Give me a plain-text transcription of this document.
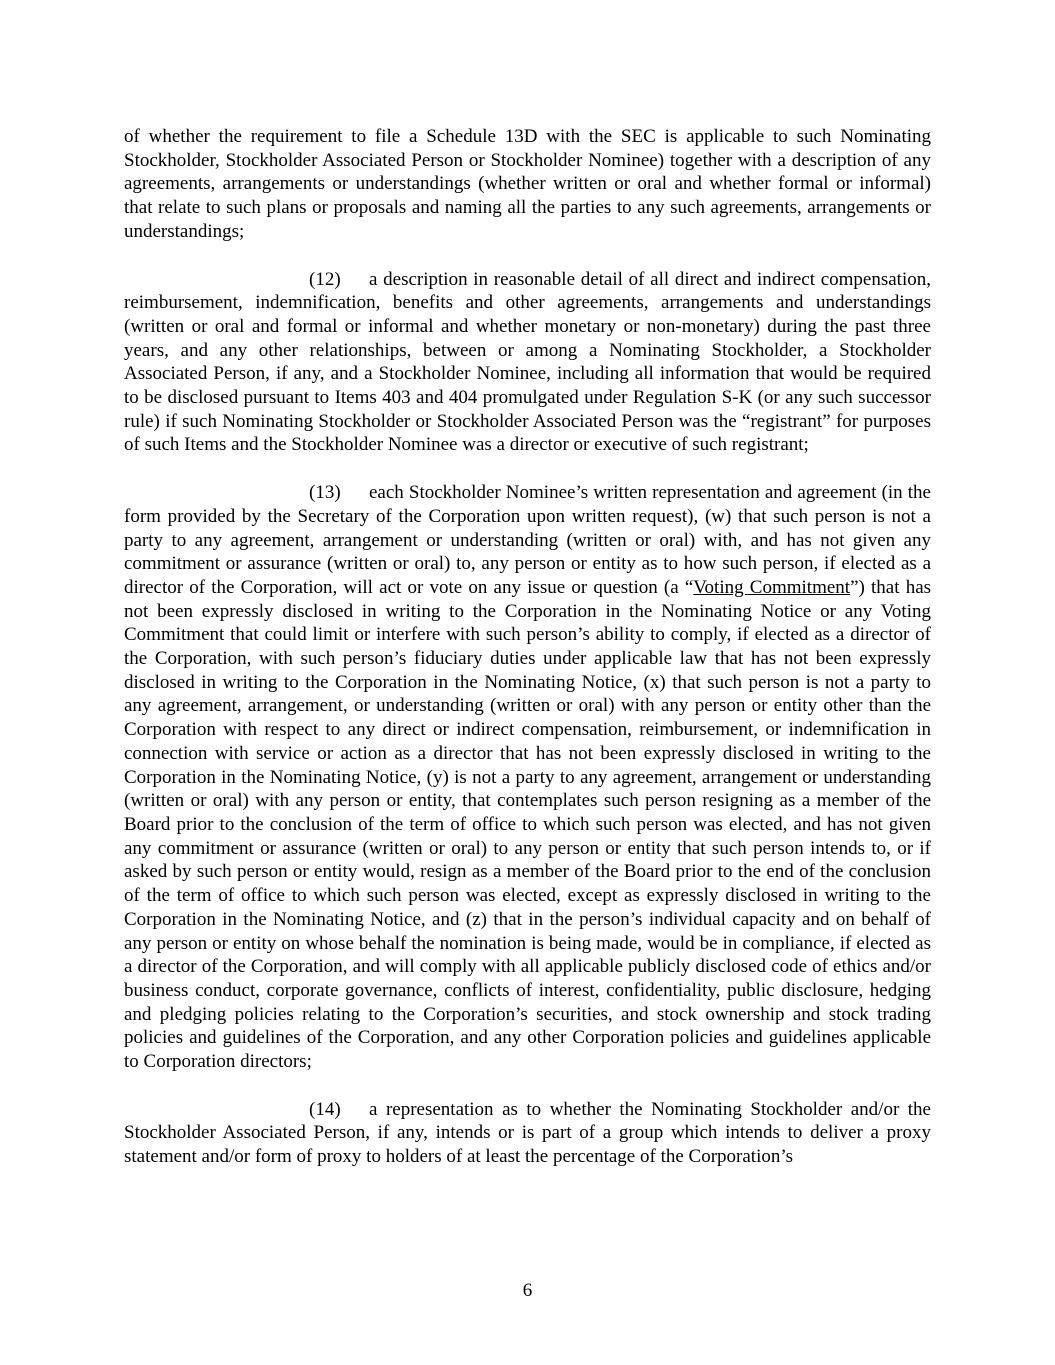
of whether the requirement to file a Schedule 13D with the SEC is applicable to such Nominating Stockholder, Stockholder Associated Person or Stockholder Nominee) together with a description of any agreements, arrangements or understandings (whether written or oral and whether formal or informal) that relate to such plans or proposals and naming all the parties to any such agreements, arrangements or understandings;

(12) a description in reasonable detail of all direct and indirect compensation, reimbursement, indemnification, benefits and other agreements, arrangements and understandings (written or oral and formal or informal and whether monetary or non-monetary) during the past three years, and any other relationships, between or among a Nominating Stockholder, a Stockholder Associated Person, if any, and a Stockholder Nominee, including all information that would be required to be disclosed pursuant to Items 403 and 404 promulgated under Regulation S-K (or any such successor rule) if such Nominating Stockholder or Stockholder Associated Person was the “registrant” for purposes of such Items and the Stockholder Nominee was a director or executive of such registrant;

(13) each Stockholder Nominee’s written representation and agreement (in the form provided by the Secretary of the Corporation upon written request), (w) that such person is not a party to any agreement, arrangement or understanding (written or oral) with, and has not given any commitment or assurance (written or oral) to, any person or entity as to how such person, if elected as a director of the Corporation, will act or vote on any issue or question (a “Voting Commitment”) that has not been expressly disclosed in writing to the Corporation in the Nominating Notice or any Voting Commitment that could limit or interfere with such person’s ability to comply, if elected as a director of the Corporation, with such person’s fiduciary duties under applicable law that has not been expressly disclosed in writing to the Corporation in the Nominating Notice, (x) that such person is not a party to any agreement, arrangement, or understanding (written or oral) with any person or entity other than the Corporation with respect to any direct or indirect compensation, reimbursement, or indemnification in connection with service or action as a director that has not been expressly disclosed in writing to the Corporation in the Nominating Notice, (y) is not a party to any agreement, arrangement or understanding (written or oral) with any person or entity, that contemplates such person resigning as a member of the Board prior to the conclusion of the term of office to which such person was elected, and has not given any commitment or assurance (written or oral) to any person or entity that such person intends to, or if asked by such person or entity would, resign as a member of the Board prior to the end of the conclusion of the term of office to which such person was elected, except as expressly disclosed in writing to the Corporation in the Nominating Notice, and (z) that in the person’s individual capacity and on behalf of any person or entity on whose behalf the nomination is being made, would be in compliance, if elected as a director of the Corporation, and will comply with all applicable publicly disclosed code of ethics and/or business conduct, corporate governance, conflicts of interest, confidentiality, public disclosure, hedging and pledging policies relating to the Corporation’s securities, and stock ownership and stock trading policies and guidelines of the Corporation, and any other Corporation policies and guidelines applicable to Corporation directors;

(14) a representation as to whether the Nominating Stockholder and/or the Stockholder Associated Person, if any, intends or is part of a group which intends to deliver a proxy statement and/or form of proxy to holders of at least the percentage of the Corporation’s

6
